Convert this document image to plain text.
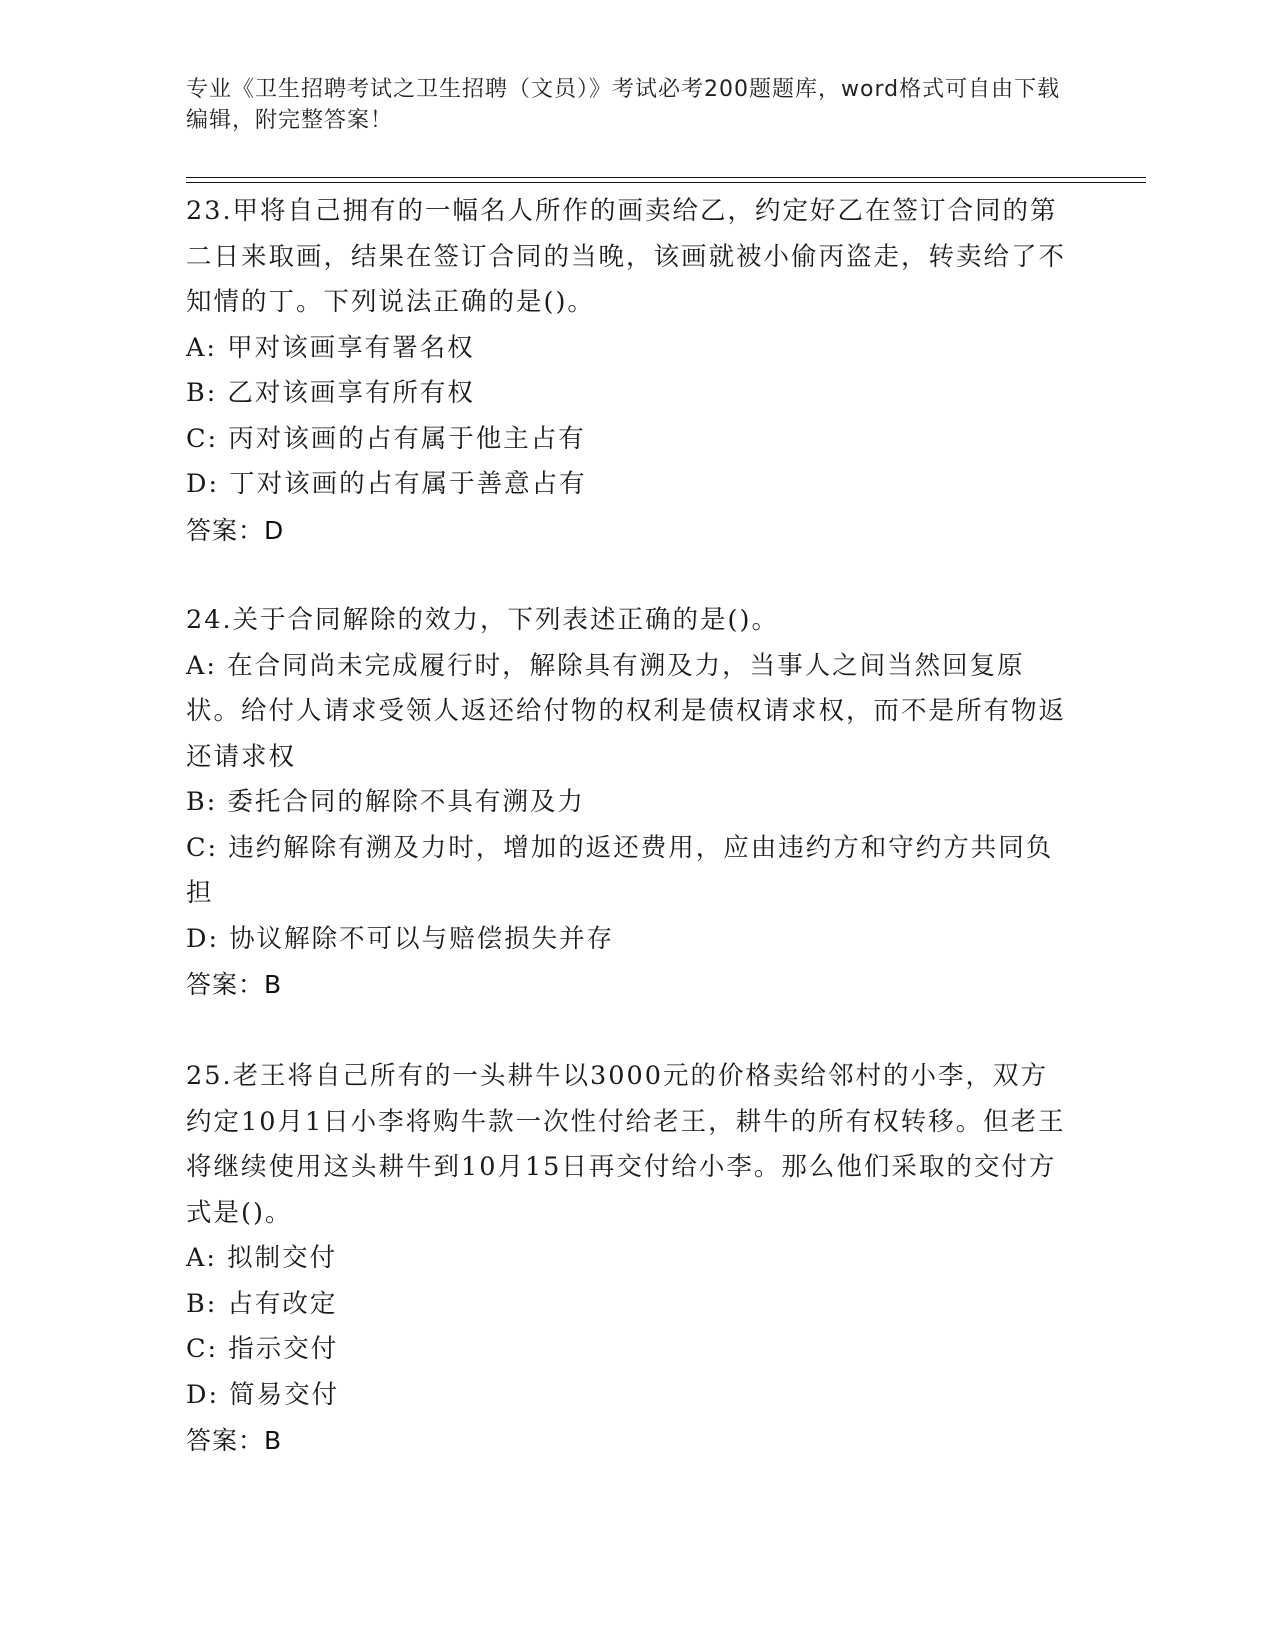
专业《卫生招聘考试之卫生招聘（文员）》考试必考200题题库，word格式可自由下载编辑，附完整答案！

23.甲将自己拥有的一幅名人所作的画卖给乙，约定好乙在签订合同的第二日来取画，结果在签订合同的当晚，该画就被小偷丙盗走，转卖给了不知情的丁。下列说法正确的是()。

A: 甲对该画享有署名权

B: 乙对该画享有所有权

C: 丙对该画的占有属于他主占有

D: 丁对该画的占有属于善意占有

答案：D

24.关于合同解除的效力，下列表述正确的是()。

A: 在合同尚未完成履行时，解除具有溯及力，当事人之间当然回复原状。给付人请求受领人返还给付物的权利是债权请求权，而不是所有物返还请求权

B: 委托合同的解除不具有溯及力

C: 违约解除有溯及力时，增加的返还费用，应由违约方和守约方共同负担

D: 协议解除不可以与赔偿损失并存

答案：B

25.老王将自己所有的一头耕牛以3000元的价格卖给邻村的小李，双方约定10月1日小李将购牛款一次性付给老王，耕牛的所有权转移。但老王将继续使用这头耕牛到10月15日再交付给小李。那么他们采取的交付方式是()。

A: 拟制交付

B: 占有改定

C: 指示交付

D: 简易交付

答案：B
